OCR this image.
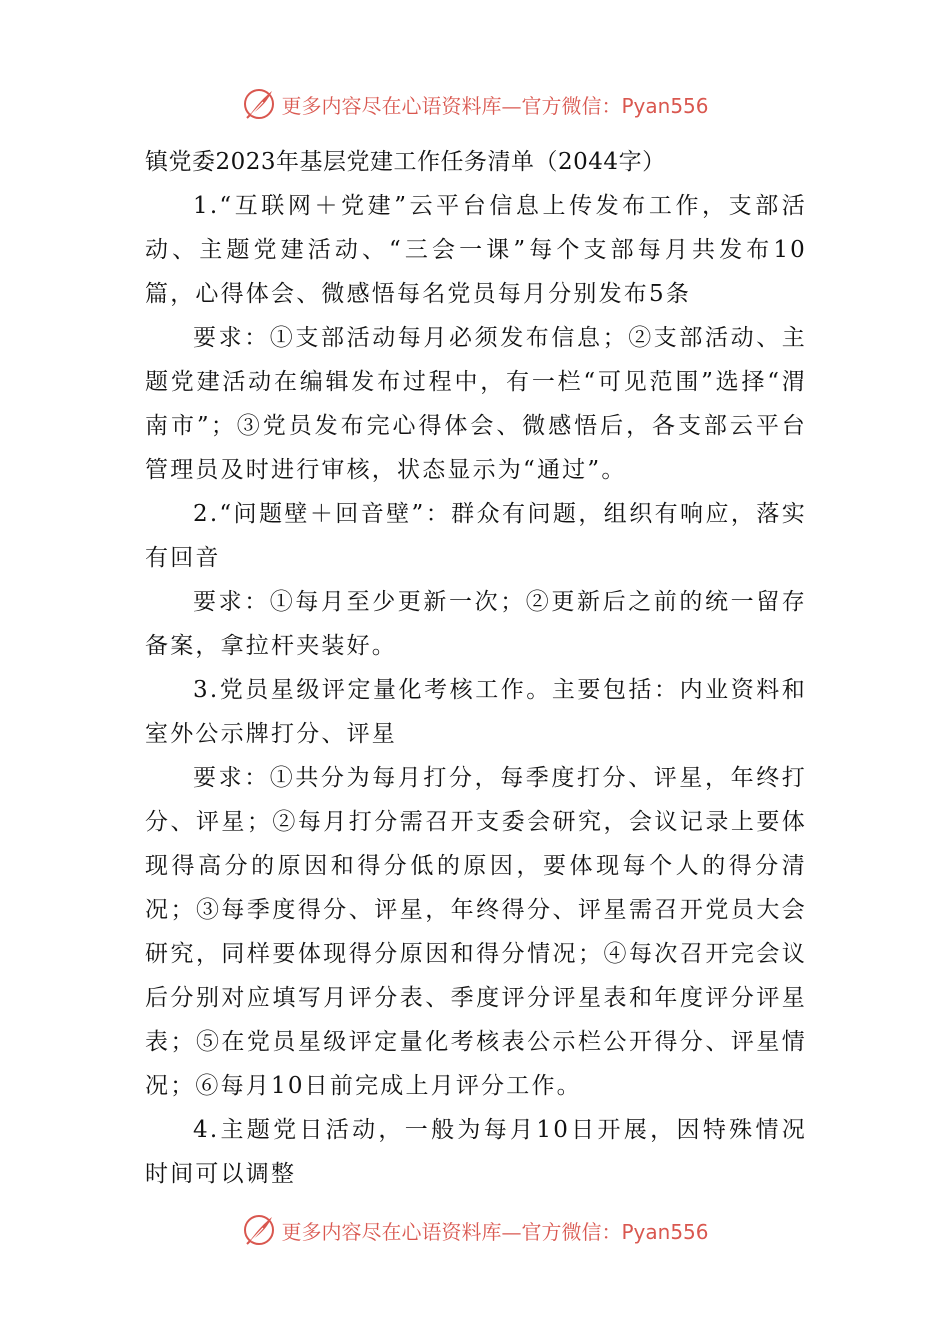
更多内容尽在心语资料库—官方微信：Pyan556
镇党委2023年基层党建工作任务清单（2044字）

1.“互联网＋党建”云平台信息上传发布工作，支部活动、主题党建活动、“三会一课”每个支部每月共发布10篇，心得体会、微感悟每名党员每月分别发布5条

要求：①支部活动每月必须发布信息；②支部活动、主题党建活动在编辑发布过程中，有一栏“可见范围”选择“渭南市”；③党员发布完心得体会、微感悟后，各支部云平台管理员及时进行审核，状态显示为“通过”。

2.“问题壁＋回音壁”：群众有问题，组织有响应，落实有回音

要求：①每月至少更新一次；②更新后之前的统一留存备案，拿拉杆夹装好。

3.党员星级评定量化考核工作。主要包括：内业资料和室外公示牌打分、评星

要求：①共分为每月打分，每季度打分、评星，年终打分、评星；②每月打分需召开支委会研究，会议记录上要体现得高分的原因和得分低的原因，要体现每个人的得分清况；③每季度得分、评星，年终得分、评星需召开党员大会研究，同样要体现得分原因和得分情况；④每次召开完会议后分别对应填写月评分表、季度评分评星表和年度评分评星表；⑤在党员星级评定量化考核表公示栏公开得分、评星情况；⑥每月10日前完成上月评分工作。

4.主题党日活动，一般为每月10日开展，因特殊情况时间可以调整

更多内容尽在心语资料库—官方微信：Pyan556
